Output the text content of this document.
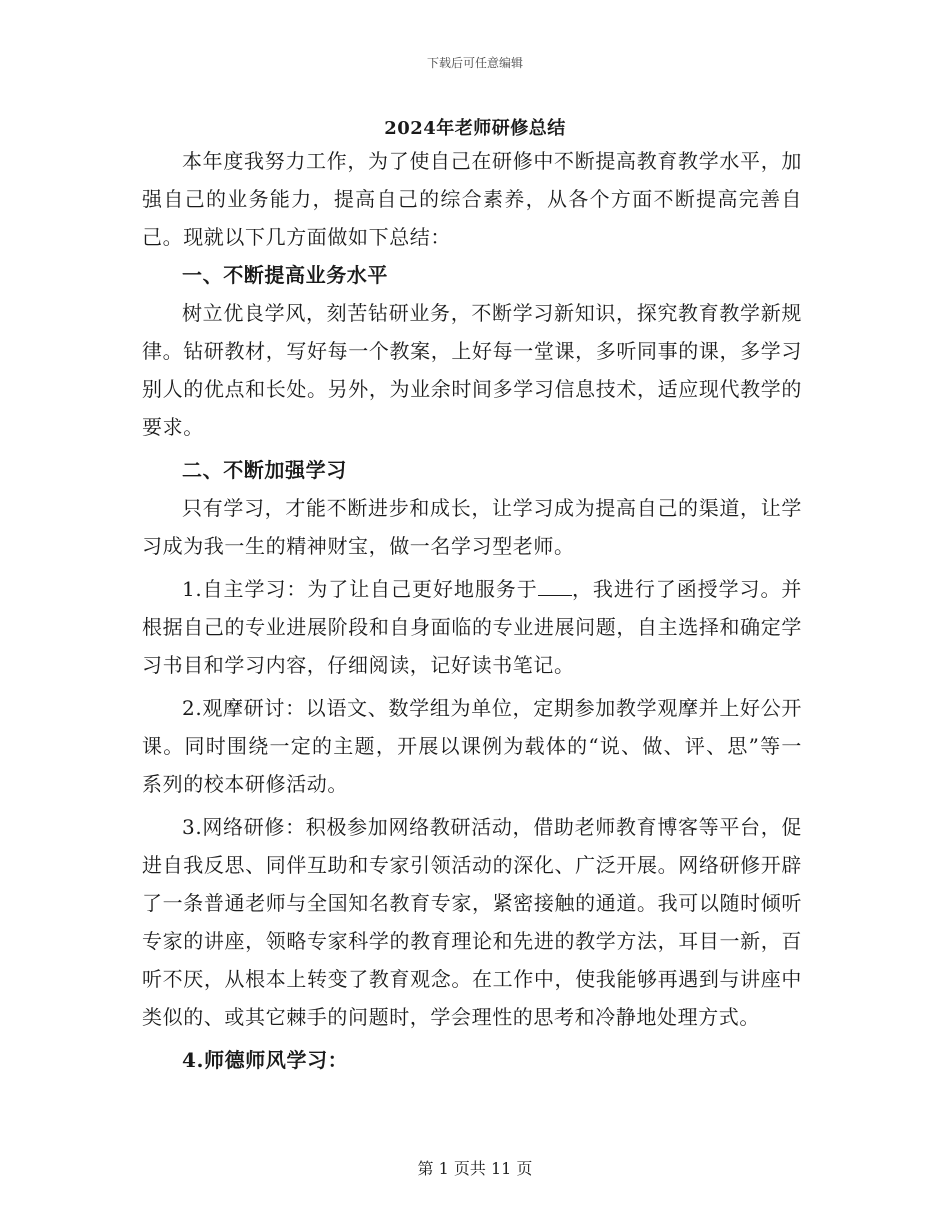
下载后可任意编辑
2024年老师研修总结

本年度我努力工作，为了使自己在研修中不断提高教育教学水平，加强自己的业务能力，提高自己的综合素养，从各个方面不断提高完善自己。现就以下几方面做如下总结：

一、不断提高业务水平

树立优良学风，刻苦钻研业务，不断学习新知识，探究教育教学新规律。钻研教材，写好每一个教案，上好每一堂课，多听同事的课，多学习别人的优点和长处。另外，为业余时间多学习信息技术，适应现代教学的要求。

二、不断加强学习

只有学习，才能不断进步和成长，让学习成为提高自己的渠道，让学习成为我一生的精神财宝，做一名学习型老师。

1.自主学习：为了让自己更好地服务于 ，我进行了函授学习。并根据自己的专业进展阶段和自身面临的专业进展问题，自主选择和确定学习书目和学习内容，仔细阅读，记好读书笔记。

2.观摩研讨：以语文、数学组为单位，定期参加教学观摩并上好公开课。同时围绕一定的主题，开展以课例为载体的“说、做、评、思”等一系列的校本研修活动。

3.网络研修：积极参加网络教研活动，借助老师教育博客等平台，促进自我反思、同伴互助和专家引领活动的深化、广泛开展。网络研修开辟了一条普通老师与全国知名教育专家，紧密接触的通道。我可以随时倾听专家的讲座，领略专家科学的教育理论和先进的教学方法，耳目一新，百听不厌，从根本上转变了教育观念。在工作中，使我能够再遇到与讲座中类似的、或其它棘手的问题时，学会理性的思考和冷静地处理方式。

4.师德师风学习：
第 1 页共 11 页
